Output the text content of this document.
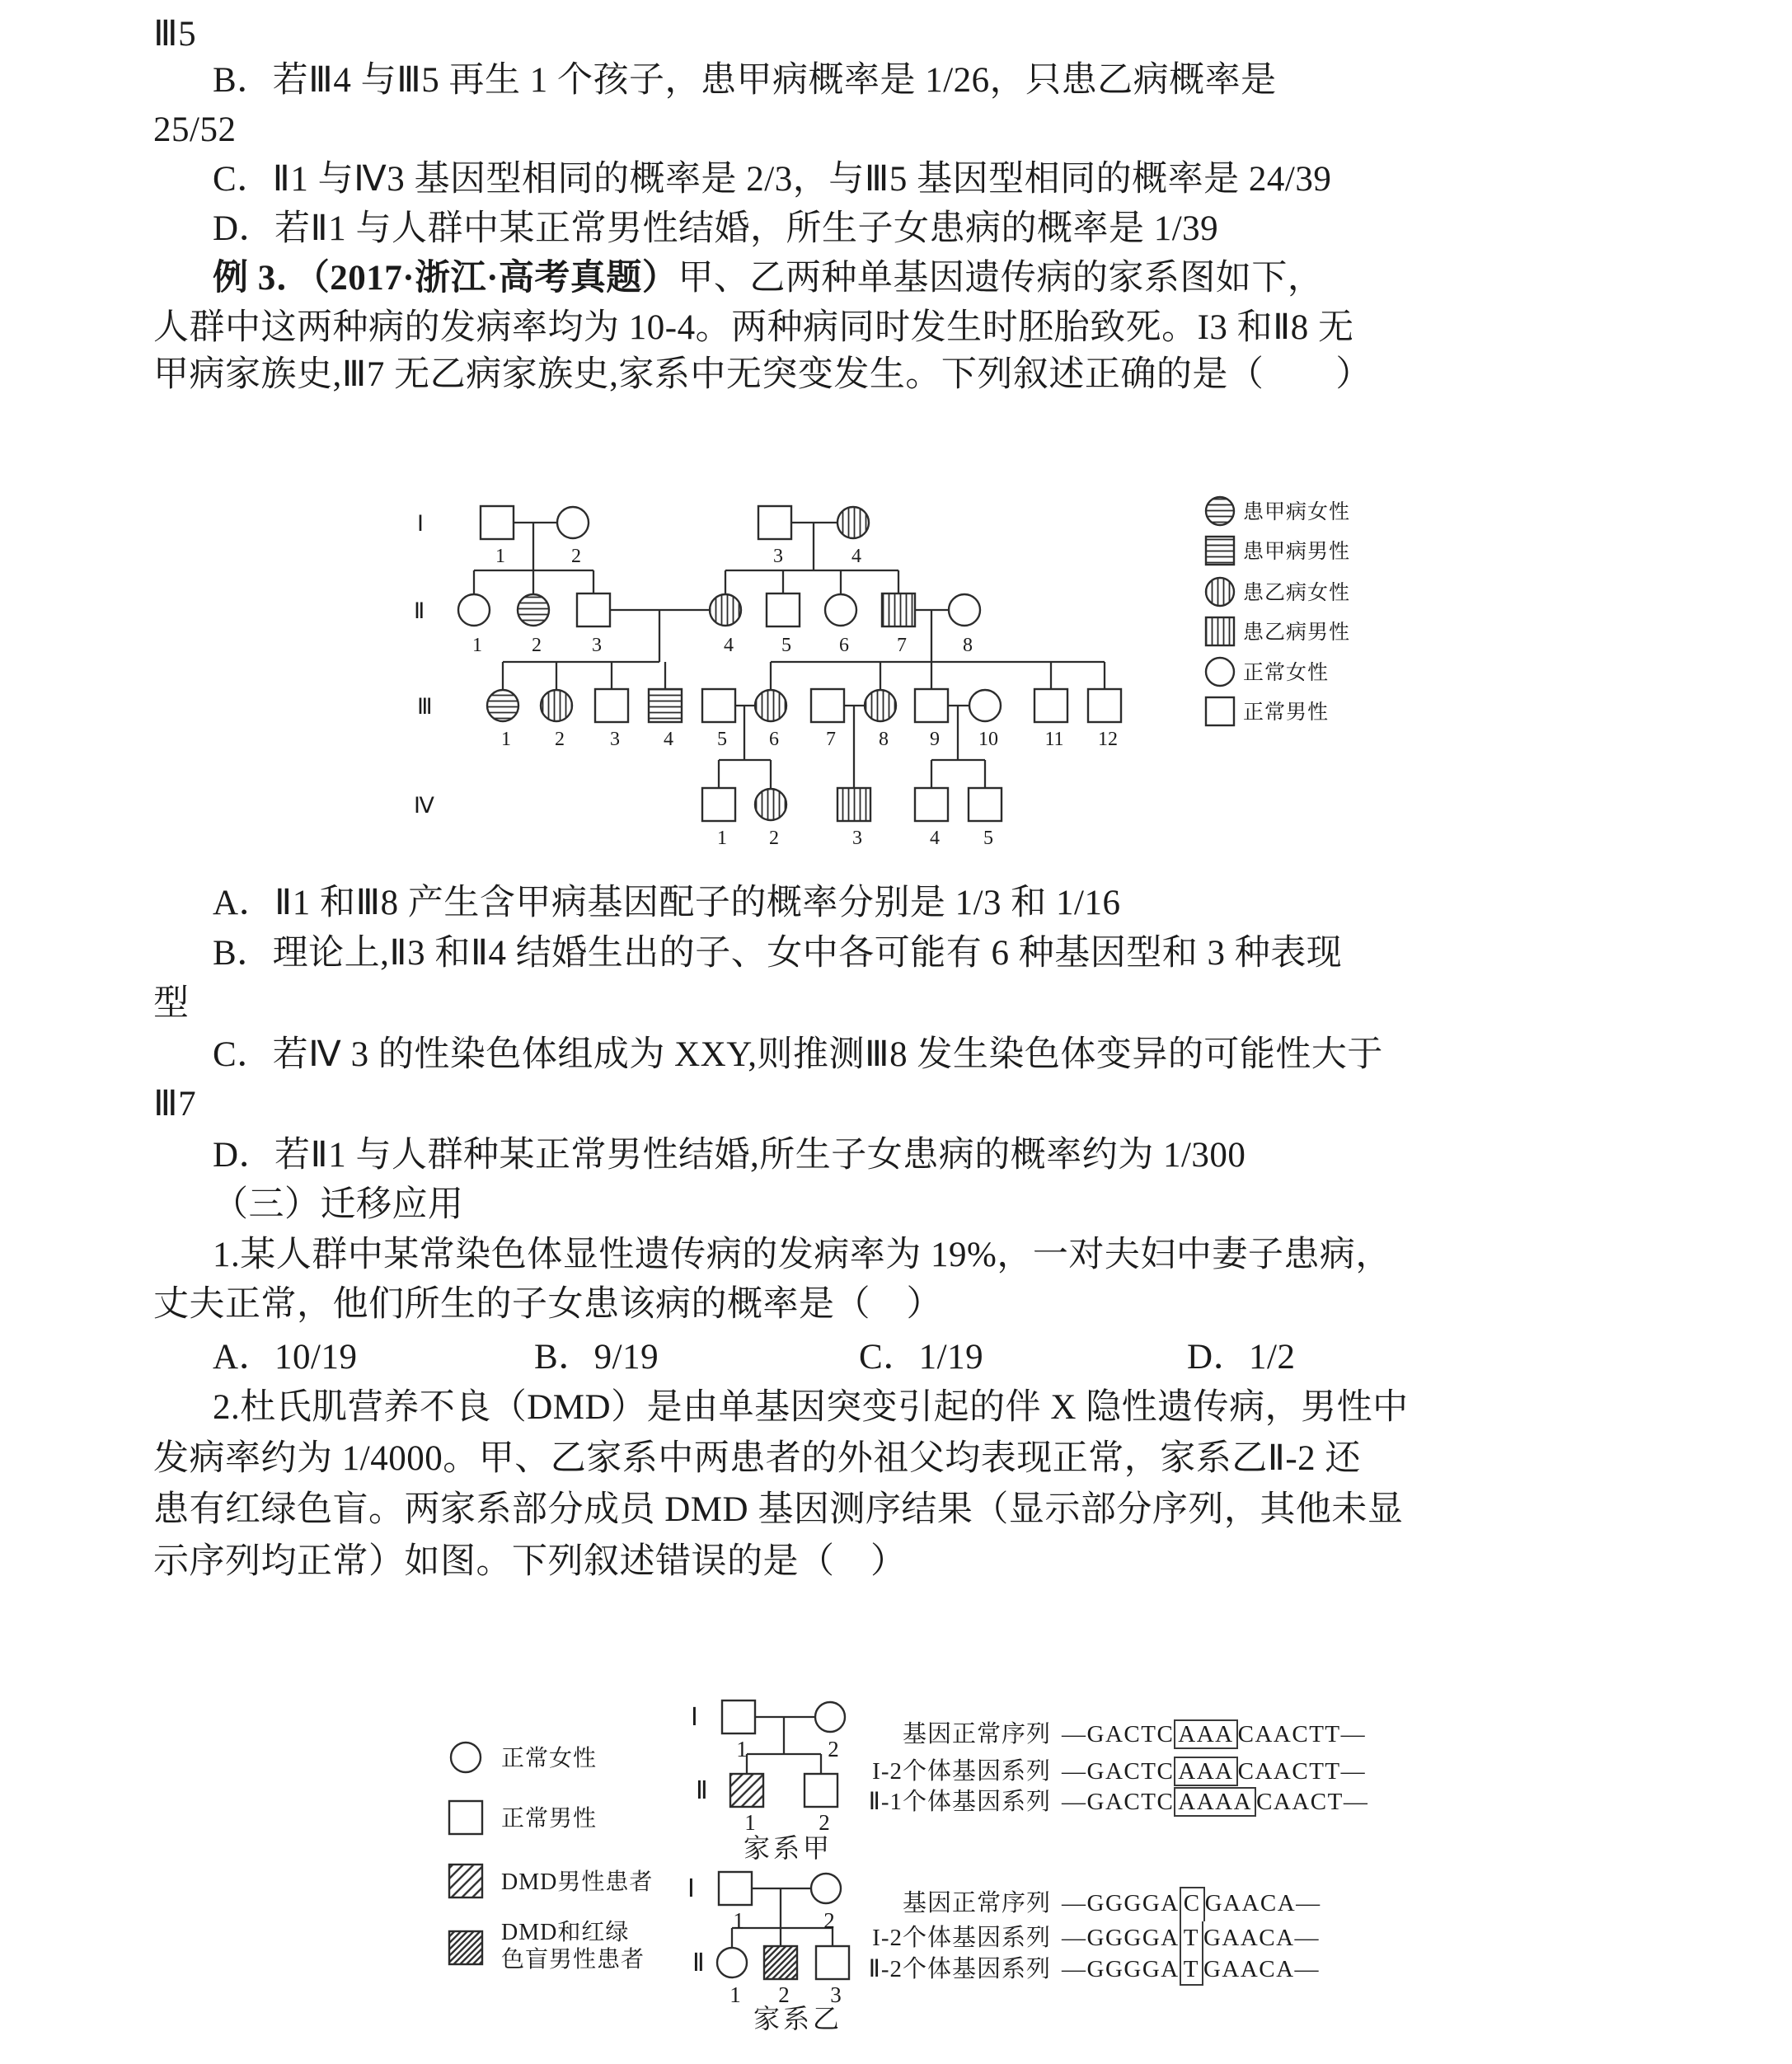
Ⅲ5
B．若Ⅲ4 与Ⅲ5 再生 1 个孩子，患甲病概率是 1/26，只患乙病概率是
25/52
C．Ⅱ1 与Ⅳ3 基因型相同的概率是 2/3，与Ⅲ5 基因型相同的概率是 24/39
D．若Ⅱ1 与人群中某正常男性结婚，所生子女患病的概率是 1/39
例 3．（2017·浙江·高考真题）甲、乙两种单基因遗传病的家系图如下，
人群中这两种病的发病率均为 10-4。两种病同时发生时胚胎致死。I3 和Ⅱ8 无
甲病家族史,Ⅲ7 无乙病家族史,家系中无突变发生。下列叙述正确的是（　　）
1	2	3	4
1	2	3	4 5 6 7	8
1 2 3 4 5 6 7 8 9 10 11 12
1 2	3	4 5
Ⅰ
Ⅱ
Ⅲ
Ⅳ
患甲病女性
患甲病男性
患乙病女性
患乙病男性
正常女性
正常男性
A．Ⅱ1 和Ⅲ8 产生含甲病基因配子的概率分别是 1/3 和 1/16
B．理论上,Ⅱ3 和Ⅱ4 结婚生出的子、女中各可能有 6 种基因型和 3 种表现
型
C．若Ⅳ 3 的性染色体组成为 XXY,则推测Ⅲ8 发生染色体变异的可能性大于
Ⅲ7
D．若Ⅱ1 与人群种某正常男性结婚,所生子女患病的概率约为 1/300
（三）迁移应用
1.某人群中某常染色体显性遗传病的发病率为 19%，一对夫妇中妻子患病，
丈夫正常，他们所生的子女患该病的概率是（　）
A．10/19	B．9/19	C．1/19	D．1/2
2.杜氏肌营养不良（DMD）是由单基因突变引起的伴 X 隐性遗传病，男性中
发病率约为 1/4000。甲、乙家系中两患者的外祖父均表现正常，家系乙Ⅱ-2 还
患有红绿色盲。两家系部分成员 DMD 基因测序结果（显示部分序列，其他未显
示序列均正常）如图。下列叙述错误的是（　）
1	2
1	2
1	2
1 2 3
Ⅰ
Ⅱ
家系甲
Ⅰ
Ⅱ
家系乙
正常女性
正常男性
DMD男性患者
DMD和红绿
色盲男性患者
基因正常序列 —GACTC AAA CAACTT—
I-2个体基因系列 —GACTC AAA CAACTT—
Ⅱ-1个体基因系列 —GACTC AAAA CAACT—
基因正常序列 —GGGGA C GAACA—
I-2个体基因系列 —GGGGA T GAACA—
Ⅱ-2个体基因系列 —GGGGA T GAACA—
